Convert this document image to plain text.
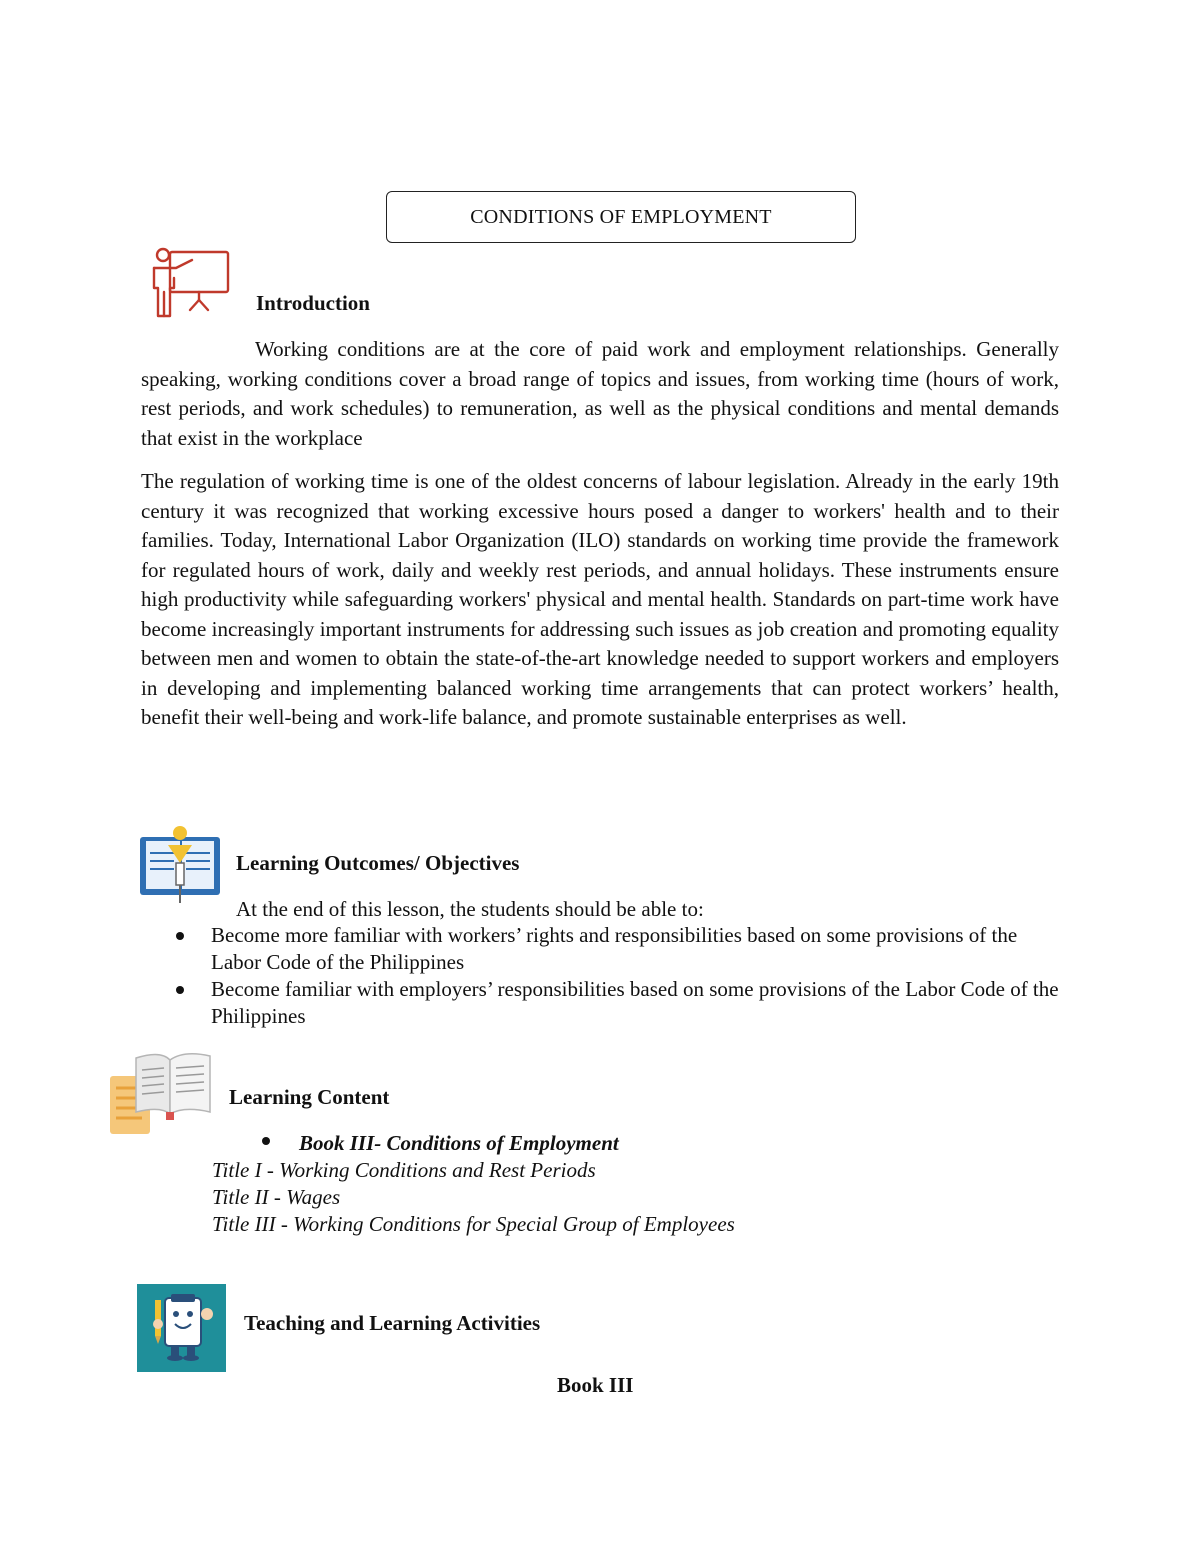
CONDITIONS OF EMPLOYMENT
Introduction
Working conditions are at the core of paid work and employment relationships. Generally speaking, working conditions cover a broad range of topics and issues, from working time (hours of work, rest periods, and work schedules) to remuneration, as well as the physical conditions and mental demands that exist in the workplace
The regulation of working time is one of the oldest concerns of labour legislation. Already in the early 19th century it was recognized that working excessive hours posed a danger to workers' health and to their families. Today, International Labor Organization (ILO) standards on working time provide the framework for regulated hours of work, daily and weekly rest periods, and annual holidays. These instruments ensure high productivity while safeguarding workers' physical and mental health. Standards on part-time work have become increasingly important instruments for addressing such issues as job creation and promoting equality between men and women to obtain the state-of-the-art knowledge needed to support workers and employers in developing and implementing balanced working time arrangements that can protect workers’ health, benefit their well-being and work-life balance, and promote sustainable enterprises as well.
Learning Outcomes/ Objectives
At the end of this lesson, the students should be able to:
Become more familiar with workers’ rights and responsibilities based on some provisions of the Labor Code of the Philippines
Become familiar with employers’ responsibilities based on some provisions of the Labor Code of the Philippines
Learning Content
Book III- Conditions of Employment
Title I - Working Conditions and Rest Periods
Title II - Wages
Title III - Working Conditions for Special Group of Employees
Teaching and Learning Activities
Book III
